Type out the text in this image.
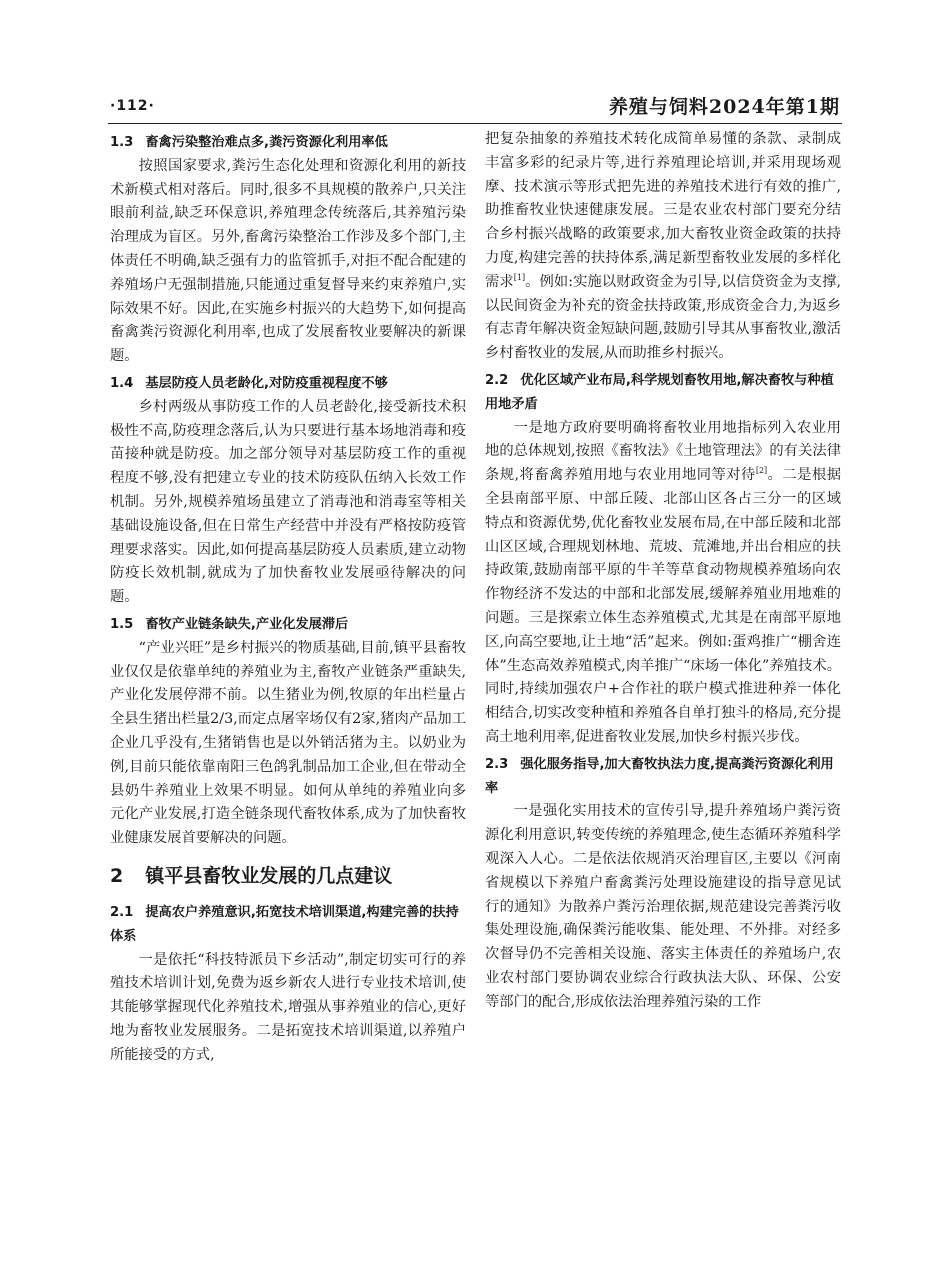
·112·	养殖与饲料2024年第1期
1.3 畜禽污染整治难点多,粪污资源化利用率低

按照国家要求,粪污生态化处理和资源化利用的新技术新模式相对落后。同时,很多不具规模的散养户,只关注眼前利益,缺乏环保意识,养殖理念传统落后,其养殖污染治理成为盲区。另外,畜禽污染整治工作涉及多个部门,主体责任不明确,缺乏强有力的监管抓手,对拒不配合配建的养殖场户无强制措施,只能通过重复督导来约束养殖户,实际效果不好。因此,在实施乡村振兴的大趋势下,如何提高畜禽粪污资源化利用率,也成了发展畜牧业要解决的新课题。

1.4 基层防疫人员老龄化,对防疫重视程度不够

乡村两级从事防疫工作的人员老龄化,接受新技术积极性不高,防疫理念落后,认为只要进行基本场地消毒和疫苗接种就是防疫。加之部分领导对基层防疫工作的重视程度不够,没有把建立专业的技术防疫队伍纳入长效工作机制。另外,规模养殖场虽建立了消毒池和消毒室等相关基础设施设备,但在日常生产经营中并没有严格按防疫管理要求落实。因此,如何提高基层防疫人员素质,建立动物防疫长效机制,就成为了加快畜牧业发展亟待解决的问题。

1.5 畜牧产业链条缺失,产业化发展滞后

“产业兴旺”是乡村振兴的物质基础,目前,镇平县畜牧业仅仅是依靠单纯的养殖业为主,畜牧产业链条严重缺失,产业化发展停滞不前。以生猪业为例,牧原的年出栏量占全县生猪出栏量2/3,而定点屠宰场仅有2家,猪肉产品加工企业几乎没有,生猪销售也是以外销活猪为主。以奶业为例,目前只能依靠南阳三色鸽乳制品加工企业,但在带动全县奶牛养殖业上效果不明显。如何从单纯的养殖业向多元化产业发展,打造全链条现代畜牧体系,成为了加快畜牧业健康发展首要解决的问题。

2 镇平县畜牧业发展的几点建议
2.1 提高农户养殖意识,拓宽技术培训渠道,构建完善的扶持体系

一是依托“科技特派员下乡活动”,制定切实可行的养殖技术培训计划,免费为返乡新农人进行专业技术培训,使其能够掌握现代化养殖技术,增强从事养殖业的信心,更好地为畜牧业发展服务。二是拓宽技术培训渠道,以养殖户所能接受的方式,

把复杂抽象的养殖技术转化成简单易懂的条款、录制成丰富多彩的纪录片等,进行养殖理论培训,并采用现场观摩、技术演示等形式把先进的养殖技术进行有效的推广,助推畜牧业快速健康发展。三是农业农村部门要充分结合乡村振兴战略的政策要求,加大畜牧业资金政策的扶持力度,构建完善的扶持体系,满足新型畜牧业发展的多样化需求[1]。例如:实施以财政资金为引导,以信贷资金为支撑,以民间资金为补充的资金扶持政策,形成资金合力,为返乡有志青年解决资金短缺问题,鼓励引导其从事畜牧业,激活乡村畜牧业的发展,从而助推乡村振兴。

2.2 优化区域产业布局,科学规划畜牧用地,解决畜牧与种植用地矛盾

一是地方政府要明确将畜牧业用地指标列入农业用地的总体规划,按照《畜牧法》《土地管理法》的有关法律条规,将畜禽养殖用地与农业用地同等对待[2]。二是根据全县南部平原、中部丘陵、北部山区各占三分一的区域特点和资源优势,优化畜牧业发展布局,在中部丘陵和北部山区区域,合理规划林地、荒坡、荒滩地,并出台相应的扶持政策,鼓励南部平原的牛羊等草食动物规模养殖场向农作物经济不发达的中部和北部发展,缓解养殖业用地难的问题。三是探索立体生态养殖模式,尤其是在南部平原地区,向高空要地,让土地“活”起来。例如:蛋鸡推广“棚舍连体”生态高效养殖模式,肉羊推广“床场一体化”养殖技术。同时,持续加强农户+合作社的联户模式推进种养一体化相结合,切实改变种植和养殖各自单打独斗的格局,充分提高土地利用率,促进畜牧业发展,加快乡村振兴步伐。

2.3 强化服务指导,加大畜牧执法力度,提高粪污资源化利用率

一是强化实用技术的宣传引导,提升养殖场户粪污资源化利用意识,转变传统的养殖理念,使生态循环养殖科学观深入人心。二是依法依规消灭治理盲区,主要以《河南省规模以下养殖户畜禽粪污处理设施建设的指导意见试行的通知》为散养户粪污治理依据,规范建设完善粪污收集处理设施,确保粪污能收集、能处理、不外排。对经多次督导仍不完善相关设施、落实主体责任的养殖场户,农业农村部门要协调农业综合行政执法大队、环保、公安等部门的配合,形成依法治理养殖污染的工作
